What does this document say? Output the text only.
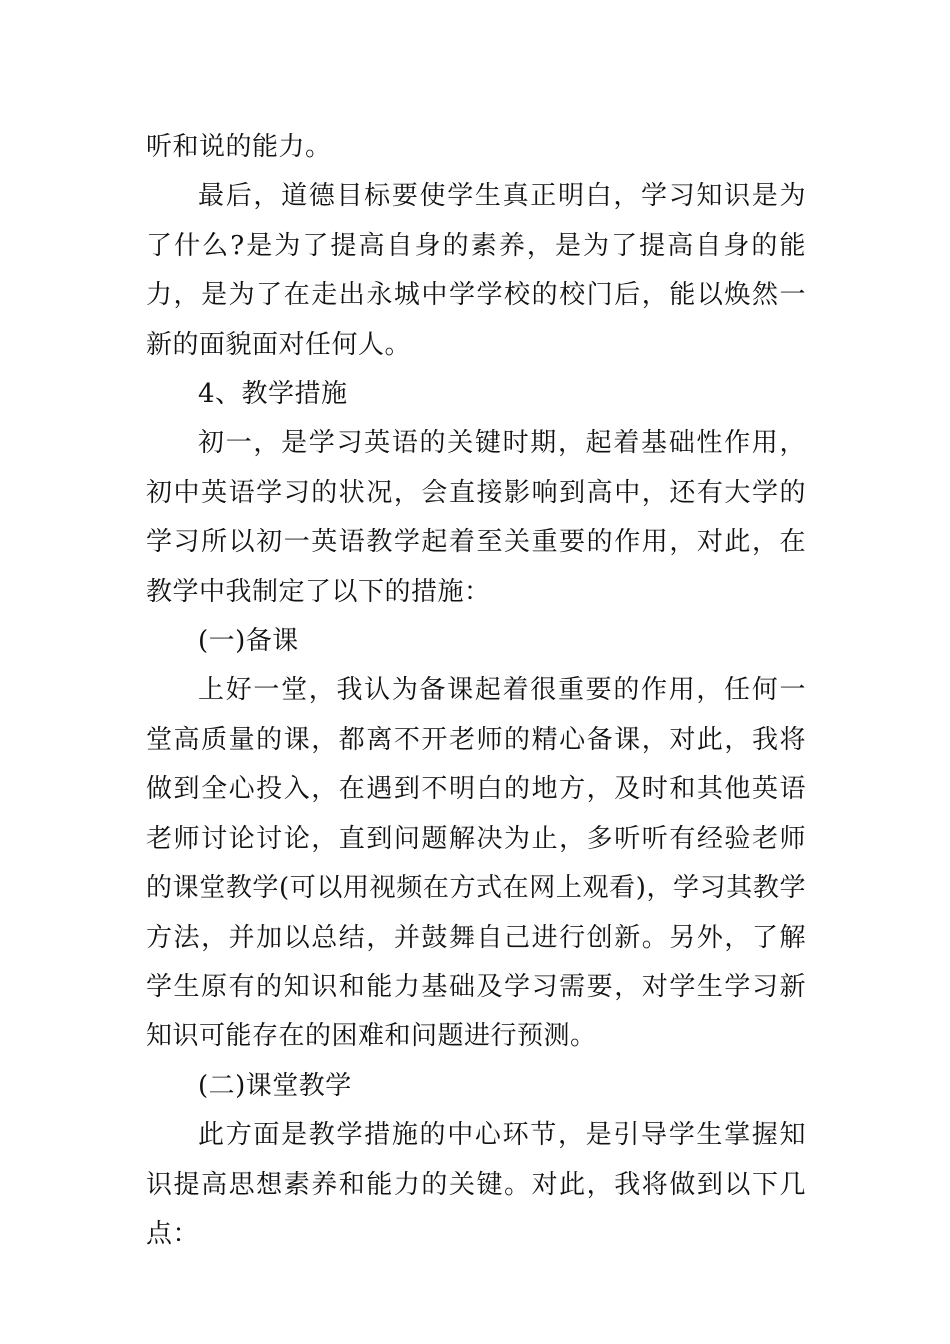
听和说的能力。

最后，道德目标要使学生真正明白，学习知识是为了什么?是为了提高自身的素养，是为了提高自身的能力，是为了在走出永城中学学校的校门后，能以焕然一新的面貌面对任何人。

4、教学措施

初一，是学习英语的关键时期，起着基础性作用，初中英语学习的状况，会直接影响到高中，还有大学的学习所以初一英语教学起着至关重要的作用，对此，在教学中我制定了以下的措施：

(一)备课

上好一堂，我认为备课起着很重要的作用，任何一堂高质量的课，都离不开老师的精心备课，对此，我将做到全心投入，在遇到不明白的地方，及时和其他英语老师讨论讨论，直到问题解决为止，多听听有经验老师的课堂教学(可以用视频在方式在网上观看)，学习其教学方法，并加以总结，并鼓舞自己进行创新。另外，了解学生原有的知识和能力基础及学习需要，对学生学习新知识可能存在的困难和问题进行预测。

(二)课堂教学

此方面是教学措施的中心环节，是引导学生掌握知识提高思想素养和能力的关键。对此，我将做到以下几点：
